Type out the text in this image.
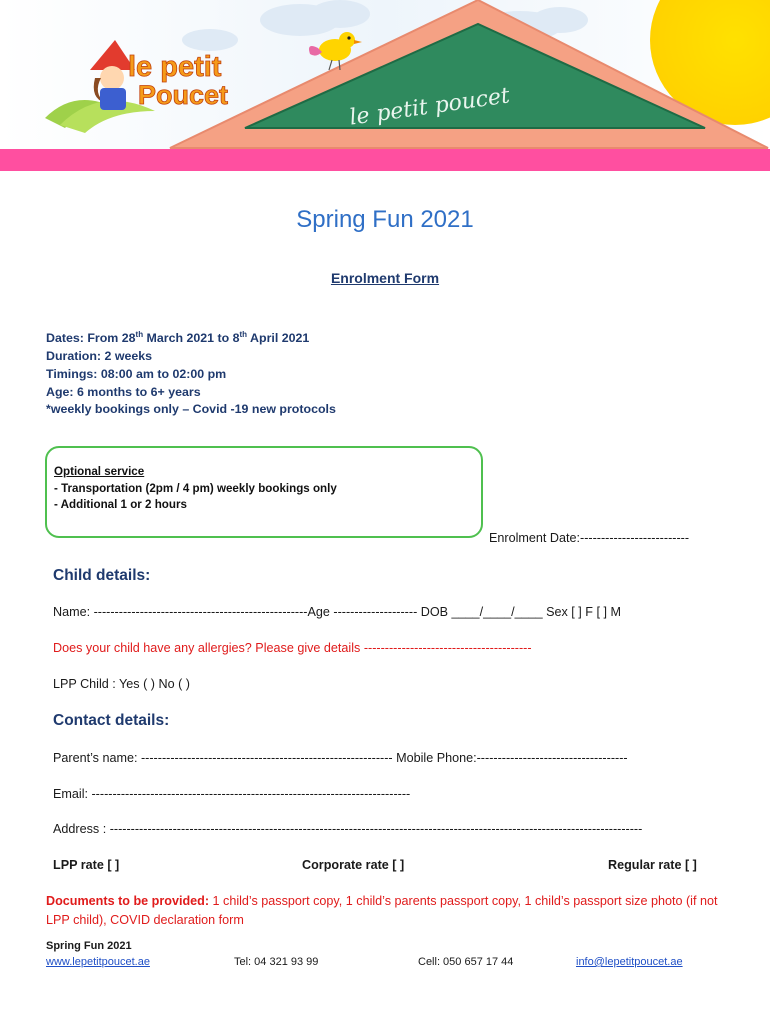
le petit poucet
le petit
Poucet
Spring Fun 2021
Enrolment Form
Dates: From 28th March 2021 to 8th April 2021
Duration: 2 weeks
Timings: 08:00 am to 02:00 pm
Age: 6 months to 6+ years
*weekly bookings only – Covid -19 new protocols
Optional service
- Transportation (2pm / 4 pm) weekly bookings only
- Additional 1 or 2 hours
Enrolment Date:--------------------------
Child details:
Name: ---------------------------------------------------Age -------------------- DOB ____/____/____ Sex [ ] F [ ] M
Does your child have any allergies? Please give details ----------------------------------------
LPP Child : Yes ( ) No ( )
Contact details:
Parent’s name: ------------------------------------------------------------ Mobile Phone:------------------------------------
Email: ----------------------------------------------------------------------------
Address : -------------------------------------------------------------------------------------------------------------------------------
LPP rate [ ]	Corporate rate [ ]	Regular rate [ ]
Documents to be provided: 1 child’s passport copy, 1 child’s parents passport copy, 1 child’s passport size photo (if not LPP child), COVID declaration form
Spring Fun 2021
www.lepetitpoucet.ae	Tel: 04 321 93 99	Cell: 050 657 17 44	info@lepetitpoucet.ae
